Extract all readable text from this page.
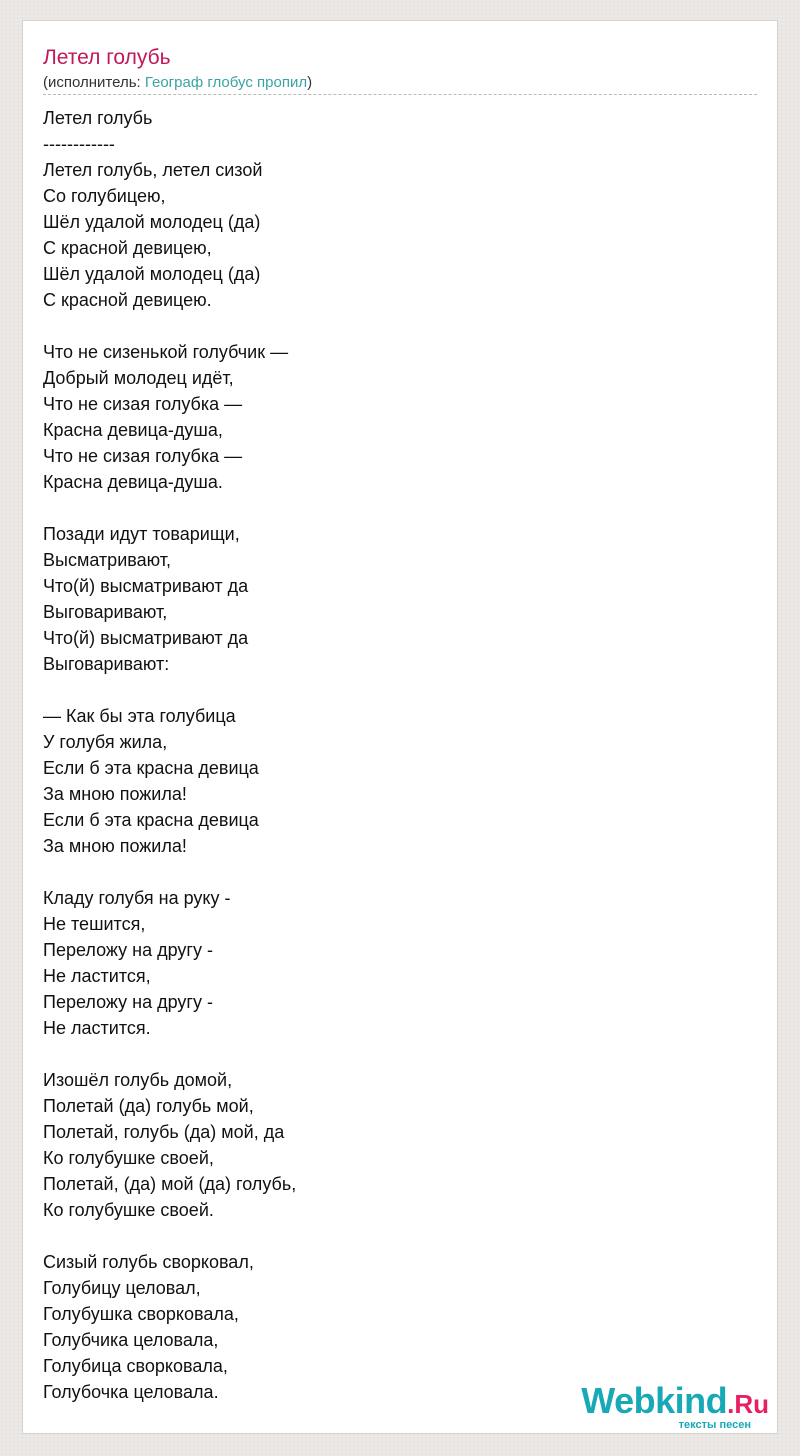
Летел голубь
(исполнитель: Географ глобус пропил)
Летел голубь
------------
Летел голубь, летел сизой
Со голубицею,
Шёл удалой молодец (да)
С красной девицею,
Шёл удалой молодец (да)
С красной девицею.
Что не сизенькой голубчик —
Добрый молодец идёт,
Что не сизая голубка —
Красна девица-душа,
Что не сизая голубка —
Красна девица-душа.
Позади идут товарищи,
Высматривают,
Что(й) высматривают да
Выговаривают,
Что(й) высматривают да
Выговаривают:
— Как бы эта голубица
У голубя жила,
Если б эта красна девица
За мною пожила!
Если б эта красна девица
За мною пожила!
Кладу голубя на руку -
Не тешится,
Переложу на другу -
Не ластится,
Переложу на другу -
Не ластится.
Изошёл голубь домой,
Полетай (да) голубь мой,
Полетай, голубь (да) мой, да
Ко голубушке своей,
Полетай, (да) мой (да) голубь,
Ко голубушке своей.
Сизый голубь сворковал,
Голубицу целовал,
Голубушка сворковала,
Голубчика целовала,
Голубица сворковала,
Голубочка целовала.	Webkind.Ru
тексты песен
